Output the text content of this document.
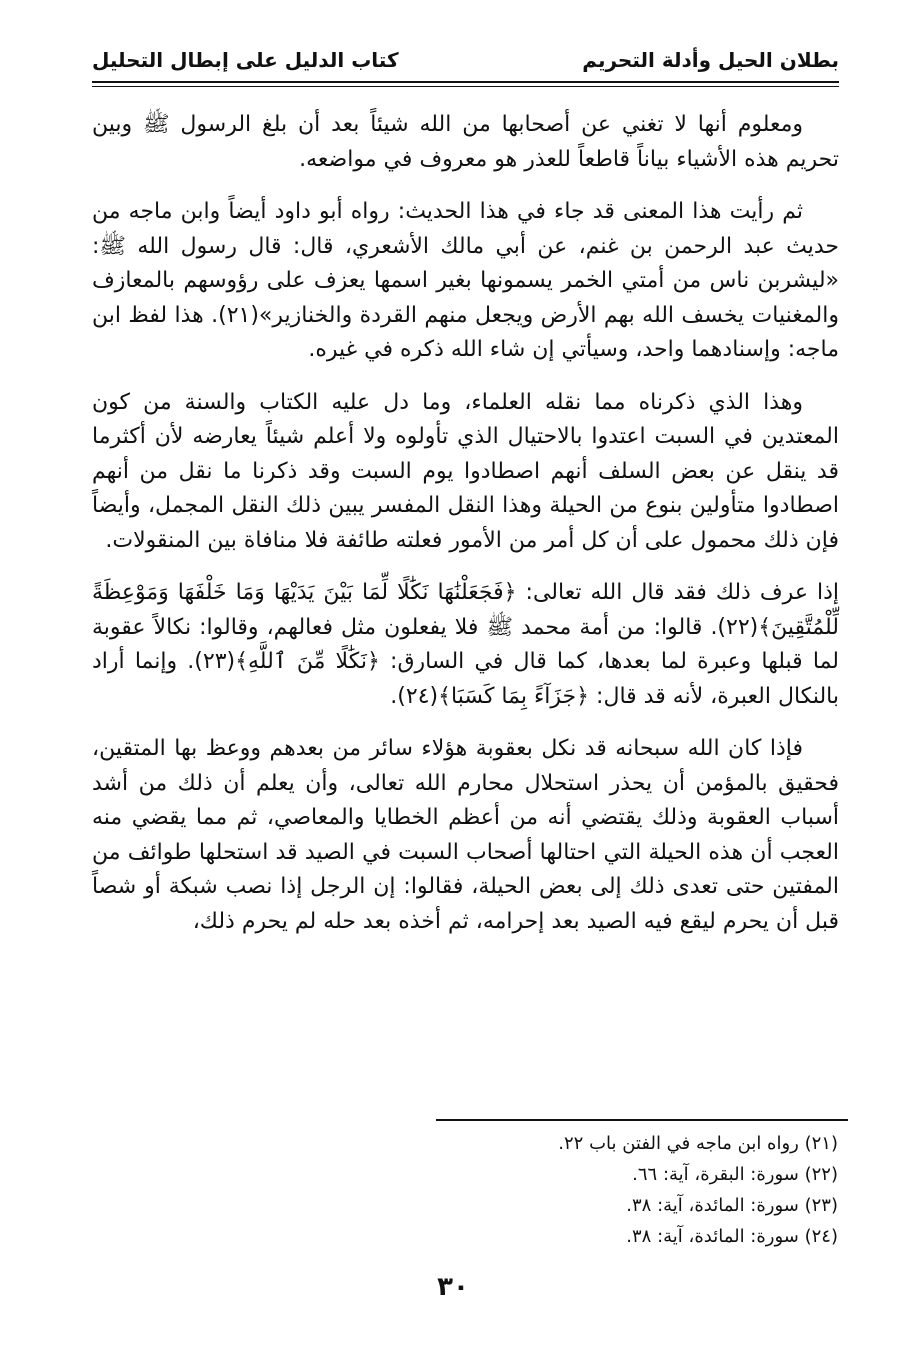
بطلان الحيل وأدلة التحريم
كتاب الدليل على إبطال التحليل

ومعلوم أنها لا تغني عن أصحابها من الله شيئاً بعد أن بلغ الرسول ﷺ وبين تحريم هذه الأشياء بياناً قاطعاً للعذر هو معروف في مواضعه.

ثم رأيت هذا المعنى قد جاء في هذا الحديث: رواه أبو داود أيضاً وابن ماجه من حديث عبد الرحمن بن غنم، عن أبي مالك الأشعري، قال: قال رسول الله ﷺ: «ليشربن ناس من أمتي الخمر يسمونها بغير اسمها يعزف على رؤوسهم بالمعازف والمغنيات يخسف الله بهم الأرض ويجعل منهم القردة والخنازير»(٢١). هذا لفظ ابن ماجه: وإسنادهما واحد، وسيأتي إن شاء الله ذكره في غيره.

وهذا الذي ذكرناه مما نقله العلماء، وما دل عليه الكتاب والسنة من كون المعتدين في السبت اعتدوا بالاحتيال الذي تأولوه ولا أعلم شيئاً يعارضه لأن أكثرما قد ينقل عن بعض السلف أنهم اصطادوا يوم السبت وقد ذكرنا ما نقل من أنهم اصطادوا متأولين بنوع من الحيلة وهذا النقل المفسر يبين ذلك النقل المجمل، وأيضاً فإن ذلك محمول على أن كل أمر من الأمور فعلته طائفة فلا منافاة بين المنقولات.

إذا عرف ذلك فقد قال الله تعالى: ﴿فَجَعَلْنَٰهَا نَكَٰلًا لِّمَا بَيْنَ يَدَيْهَا وَمَا خَلْفَهَا وَمَوْعِظَةً لِّلْمُتَّقِينَ﴾(٢٢). قالوا: من أمة محمد ﷺ فلا يفعلون مثل فعالهم، وقالوا: نكالاً عقوبة لما قبلها وعبرة لما بعدها، كما قال في السارق: ﴿نَكَٰلًا مِّنَ ٱللَّهِ﴾(٢٣). وإنما أراد بالنكال العبرة، لأنه قد قال: ﴿جَزَآءً بِمَا كَسَبَا﴾(٢٤).

فإذا كان الله سبحانه قد نكل بعقوبة هؤلاء سائر من بعدهم ووعظ بها المتقين، فحقيق بالمؤمن أن يحذر استحلال محارم الله تعالى، وأن يعلم أن ذلك من أشد أسباب العقوبة وذلك يقتضي أنه من أعظم الخطايا والمعاصي، ثم مما يقضي منه العجب أن هذه الحيلة التي احتالها أصحاب السبت في الصيد قد استحلها طوائف من المفتين حتى تعدى ذلك إلى بعض الحيلة، فقالوا: إن الرجل إذا نصب شبكة أو شصاً قبل أن يحرم ليقع فيه الصيد بعد إحرامه، ثم أخذه بعد حله لم يحرم ذلك،

(٢١) رواه ابن ماجه في الفتن باب ٢٢.
(٢٢) سورة: البقرة، آية: ٦٦.
(٢٣) سورة: المائدة، آية: ٣٨.
(٢٤) سورة: المائدة، آية: ٣٨.
٣٠
